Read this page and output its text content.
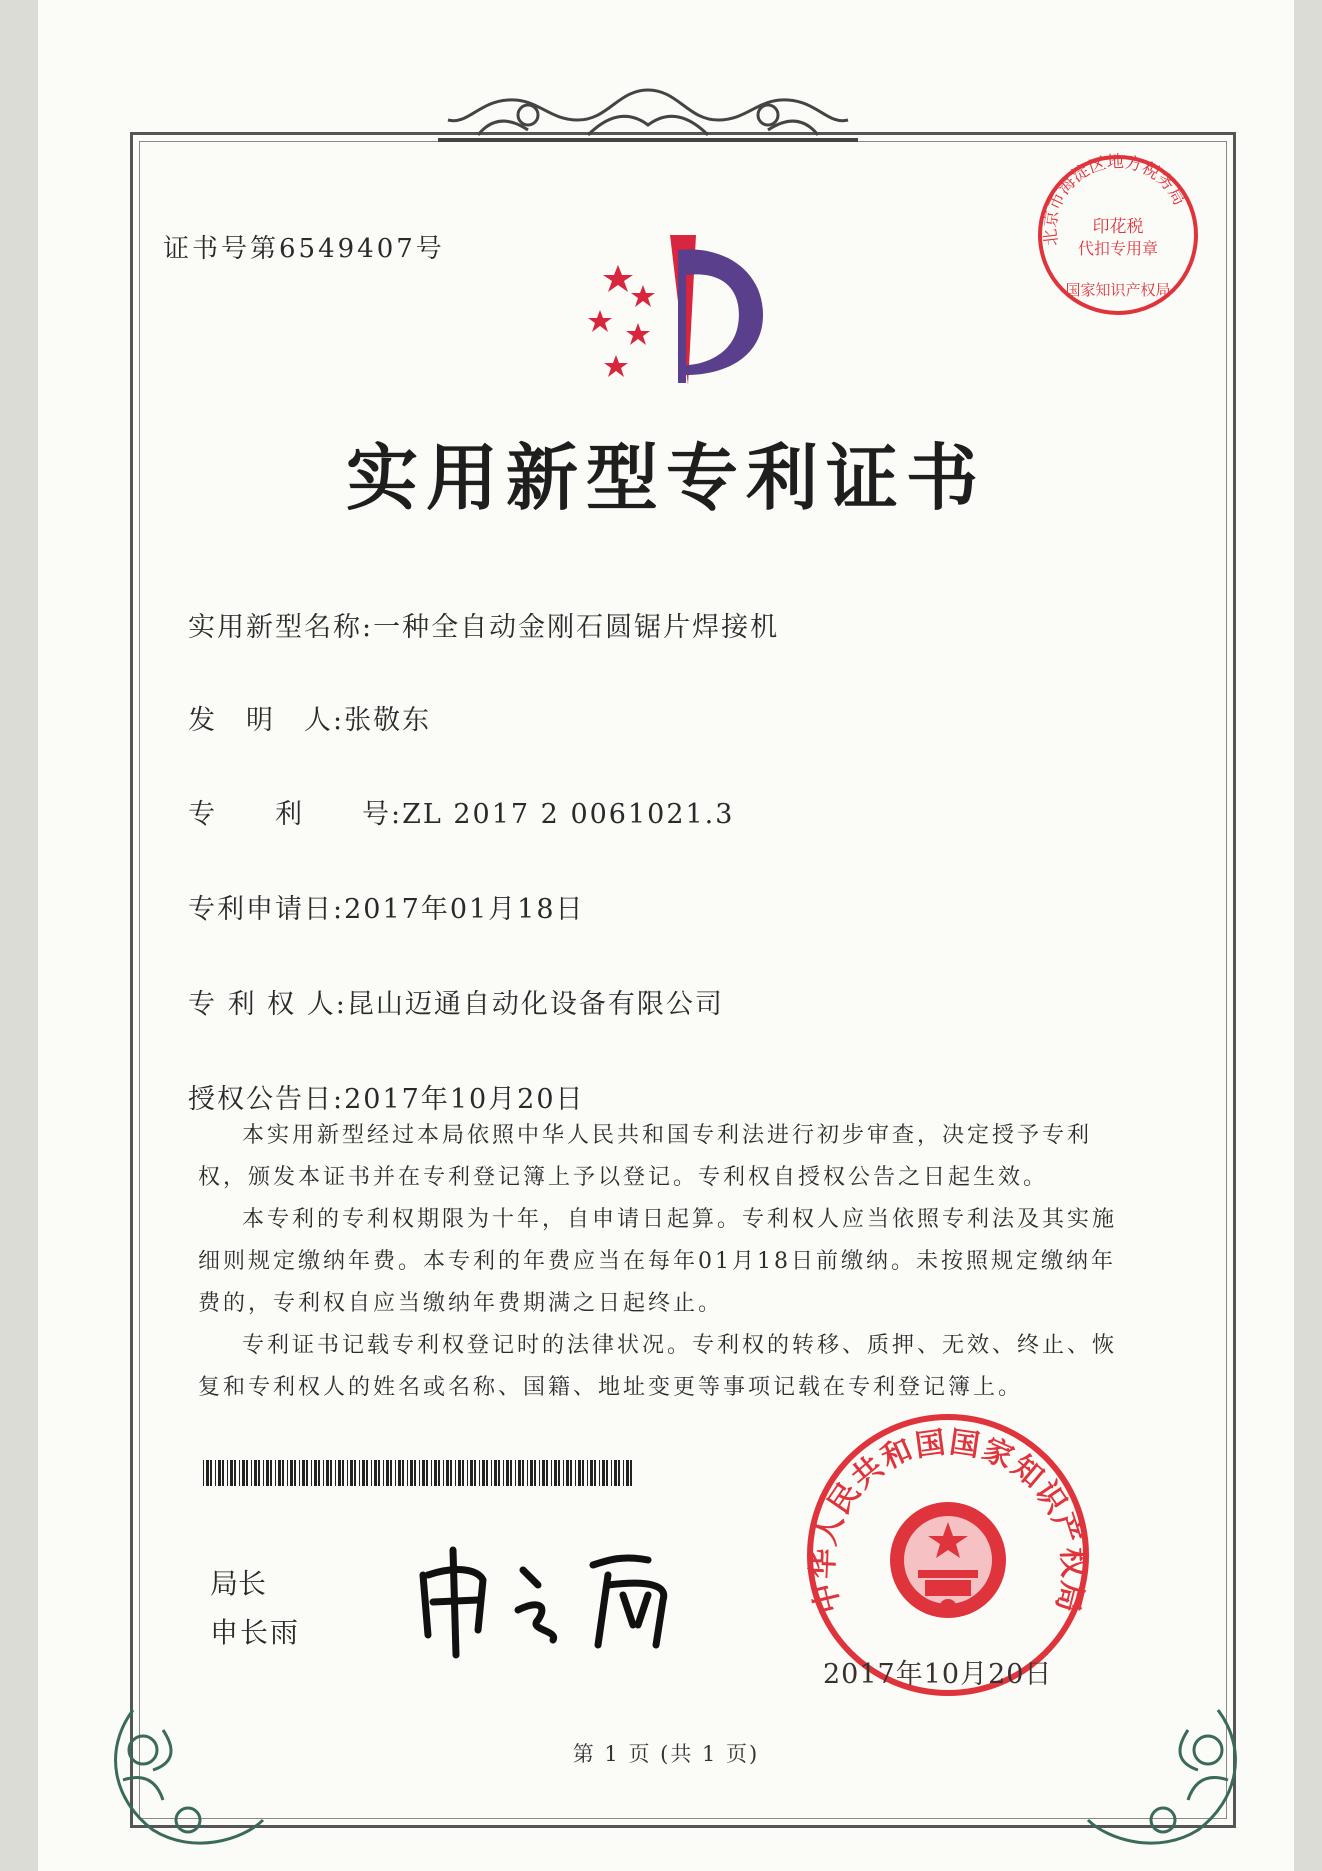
证书号第6549407号	北京市海淀区地方税务局
印花税
代扣专用章
国家知识产权局
实用新型专利证书
实用新型名称:一种全自动金刚石圆锯片焊接机
发　明　人:张敬东
专　　利　　号:ZL 2017 2 0061021.3
专利申请日:2017年01月18日
专 利 权 人:昆山迈通自动化设备有限公司
授权公告日:2017年10月20日

本实用新型经过本局依照中华人民共和国专利法进行初步审查，决定授予专利权，颁发本证书并在专利登记簿上予以登记。专利权自授权公告之日起生效。

本专利的专利权期限为十年，自申请日起算。专利权人应当依照专利法及其实施细则规定缴纳年费。本专利的年费应当在每年01月18日前缴纳。未按照规定缴纳年费的，专利权自应当缴纳年费期满之日起终止。

专利证书记载专利权登记时的法律状况。专利权的转移、质押、无效、终止、恢复和专利权人的姓名或名称、国籍、地址变更等事项记载在专利登记簿上。

局长
申长雨
中华人民共和国国家知识产权局
2017年10月20日
第 1 页 (共 1 页)
